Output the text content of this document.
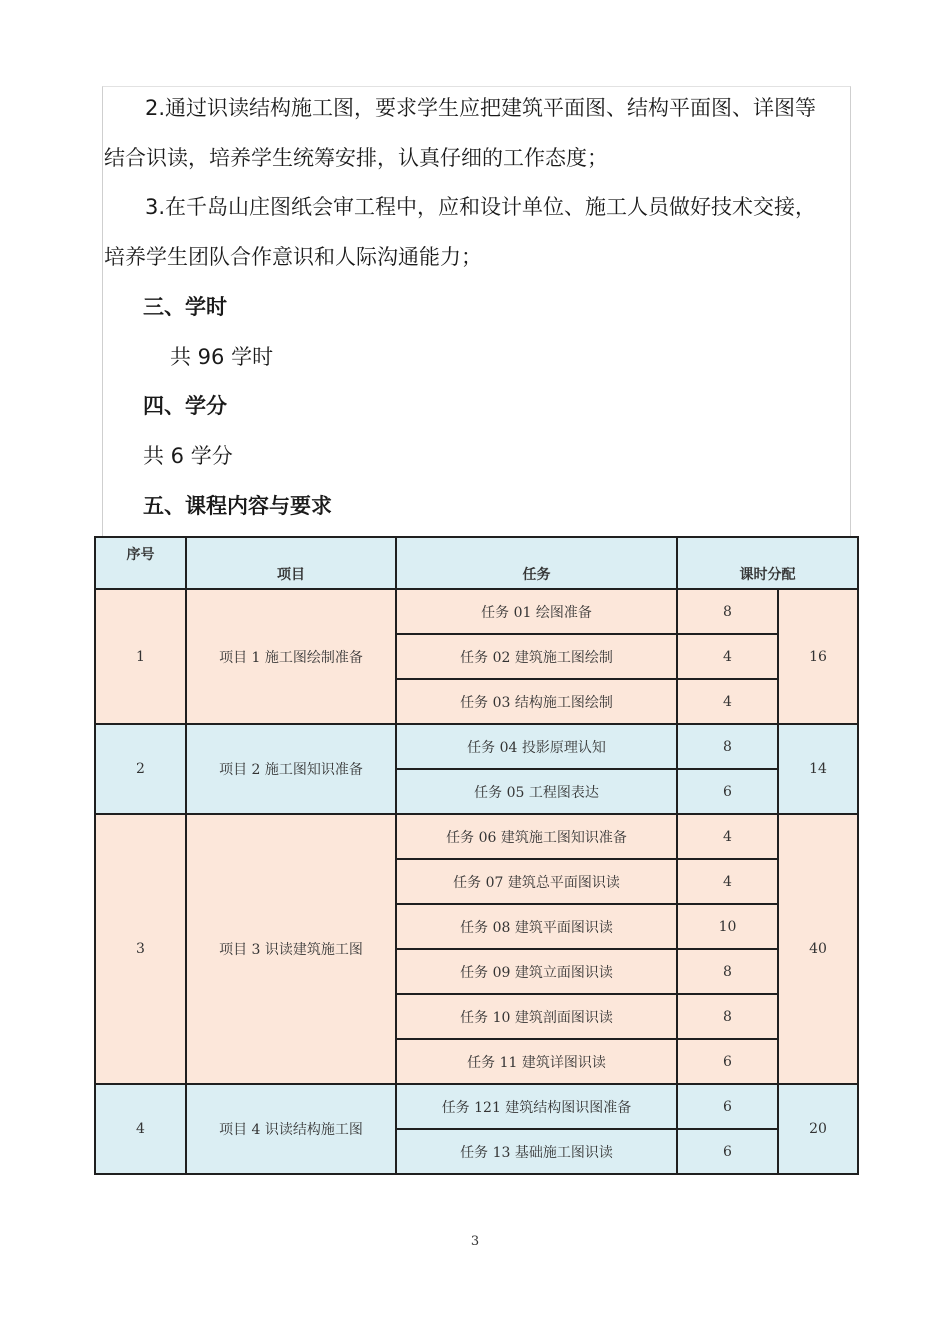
2.通过识读结构施工图，要求学生应把建筑平面图、结构平面图、详图等
结合识读，培养学生统筹安排，认真仔细的工作态度；
3.在千岛山庄图纸会审工程中，应和设计单位、施工人员做好技术交接，
培养学生团队合作意识和人际沟通能力；
三、学时
共 96 学时
四、学分
共 6 学分
五、课程内容与要求
序号	项目	任务	课时分配	
1	项目 1 施工图绘制准备	任务 01 绘图准备	8	16
		任务 02 建筑施工图绘制	4	
		任务 03 结构施工图绘制	4	
2	项目 2 施工图知识准备	任务 04 投影原理认知	8	14
		任务 05 工程图表达	6	
3	项目 3 识读建筑施工图	任务 06 建筑施工图知识准备	4	40
		任务 07 建筑总平面图识读	4	
		任务 08 建筑平面图识读	10	
		任务 09 建筑立面图识读	8	
		任务 10 建筑剖面图识读	8	
		任务 11 建筑详图识读	6	
4	项目 4 识读结构施工图	任务 121 建筑结构图识图准备	6	20
		任务 13 基础施工图识读	6	
3
